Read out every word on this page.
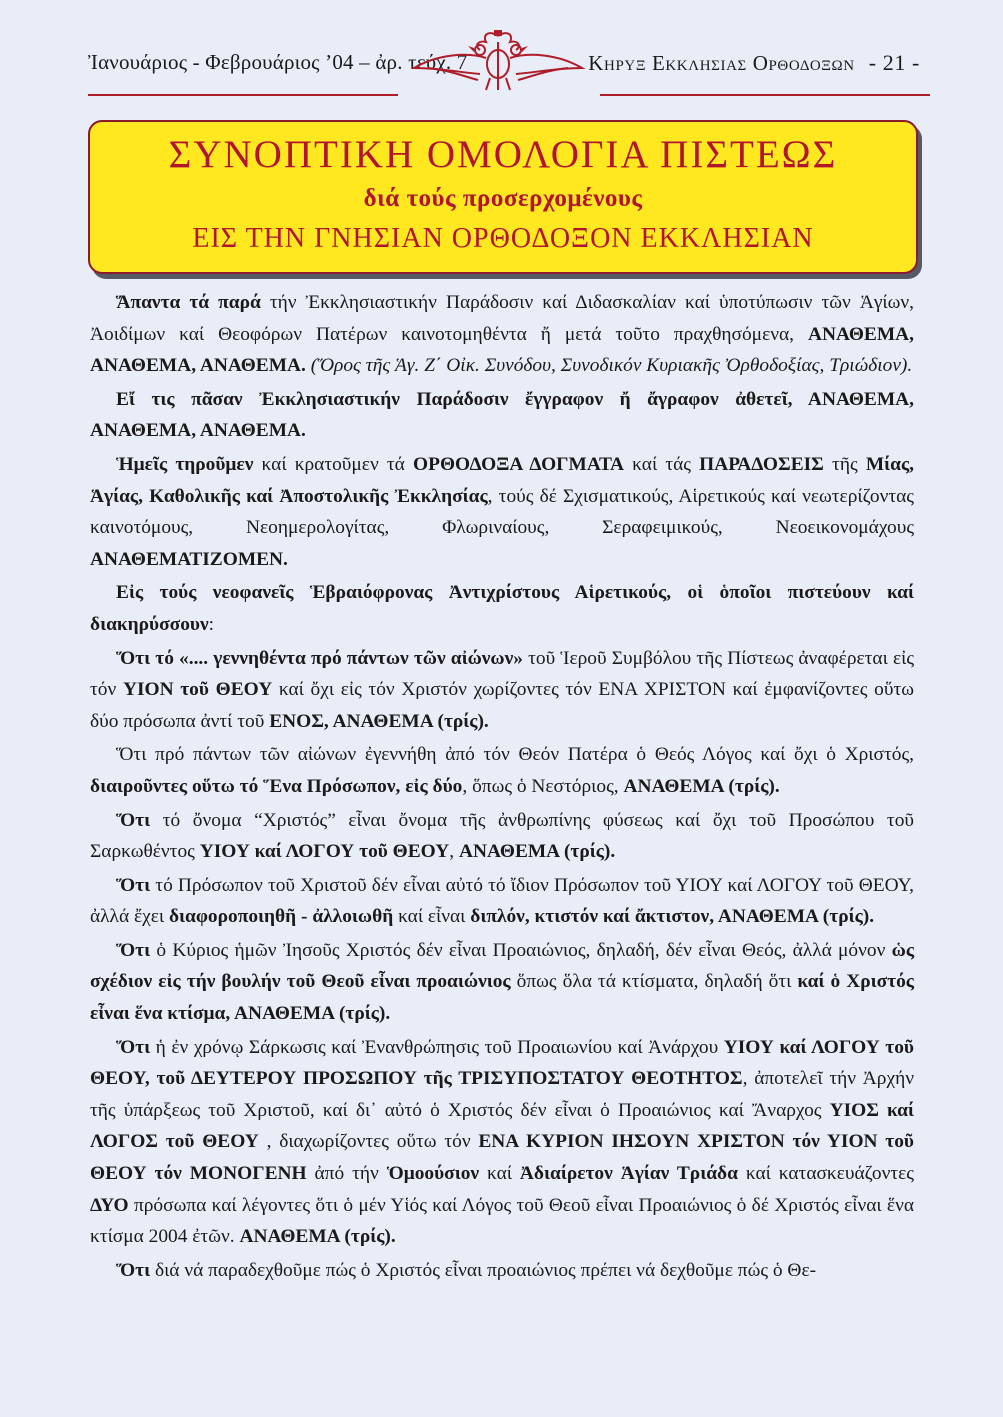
Ἰανουάριος - Φεβρουάριος ’04 – ἀρ. τεύχ. 7	Κηρυξ Εκκλησιας Ορθοδοξων - 21 -
ΣΥΝΟΠΤΙΚΗ ΟΜΟΛΟΓΙΑ ΠΙΣΤΕΩΣ
διά τούς προσερχομένους
ΕΙΣ ΤΗΝ ΓΝΗΣΙΑΝ ΟΡΘΟΔΟΞΟΝ ΕΚΚΛΗΣΙΑΝ

Ἅπαντα τά παρά τήν Ἐκκλησιαστικήν Παράδοσιν καί Διδασκαλίαν καί ὑποτύπωσιν τῶν Ἁγίων, Ἀοιδίμων καί Θεοφόρων Πατέρων καινοτομηθέντα ἤ μετά τοῦτο πραχθησόμενα, ΑΝΑΘΕΜΑ, ΑΝΑΘΕΜΑ, ΑΝΑΘΕΜΑ. (Ὅρος τῆς Ἁγ. Ζ΄ Οἰκ. Συνόδου, Συνοδικόν Κυριακῆς Ὀρθοδοξίας, Τριώδιον).

Εἴ τις πᾶσαν Ἐκκλησιαστικήν Παράδοσιν ἔγγραφον ἤ ἄγραφον ἀθετεῖ, ΑΝΑΘΕΜΑ, ΑΝΑΘΕΜΑ, ΑΝΑΘΕΜΑ.

Ἡμεῖς τηροῦμεν καί κρατοῦμεν τά ΟΡΘΟΔΟΞΑ ΔΟΓΜΑΤΑ καί τάς ΠΑΡΑΔΟΣΕΙΣ τῆς Μίας, Ἁγίας, Καθολικῆς καί Ἀποστολικῆς Ἐκκλησίας, τούς δέ Σχισματικούς, Αἱρετικούς καί νεωτερίζοντας καινοτόμους, Νεοημερολογίτας, Φλωριναίους, Σεραφειμικούς, Νεοεικονομάχους ΑΝΑΘΕΜΑΤΙΖΟΜΕΝ.

Εἰς τούς νεοφανεῖς Ἑβραιόφρονας Ἀντιχρίστους Αἱρετικούς, οἱ ὁποῖοι πιστεύουν καί διακηρύσσουν:

Ὅτι τό «.... γεννηθέντα πρό πάντων τῶν αἰώνων» τοῦ Ἱεροῦ Συμβόλου τῆς Πίστεως ἀναφέρεται εἰς τόν ΥΙΟΝ τοῦ ΘΕΟΥ καί ὄχι εἰς τόν Χριστόν χωρίζοντες τόν ΕΝΑ ΧΡΙΣΤΟΝ καί ἐμφανίζοντες οὕτω δύο πρόσωπα ἀντί τοῦ ΕΝΟΣ, ΑΝΑΘΕΜΑ (τρίς).

Ὅτι πρό πάντων τῶν αἰώνων ἐγεννήθη ἀπό τόν Θεόν Πατέρα ὁ Θεός Λόγος καί ὄχι ὁ Χριστός, διαιροῦντες οὕτω τό Ἕνα Πρόσωπον, εἰς δύο, ὅπως ὁ Νεστόριος, ΑΝΑΘΕΜΑ (τρίς).

Ὅτι τό ὄνομα “Χριστός” εἶναι ὄνομα τῆς ἀνθρωπίνης φύσεως καί ὄχι τοῦ Προσώπου τοῦ Σαρκωθέντος ΥΙΟΥ καί ΛΟΓΟΥ τοῦ ΘΕΟΥ, ΑΝΑΘΕΜΑ (τρίς).

Ὅτι τό Πρόσωπον τοῦ Χριστοῦ δέν εἶναι αὐτό τό ἴδιον Πρόσωπον τοῦ ΥΙΟΥ καί ΛΟΓΟΥ τοῦ ΘΕΟΥ, ἀλλά ἔχει διαφοροποιηθῆ - ἀλλοιωθῆ καί εἶναι διπλόν, κτιστόν καί ἄκτιστον, ΑΝΑΘΕΜΑ (τρίς).

Ὅτι ὁ Κύριος ἡμῶν Ἰησοῦς Χριστός δέν εἶναι Προαιώνιος, δηλαδή, δέν εἶναι Θεός, ἀλλά μόνον ὡς σχέδιον εἰς τήν βουλήν τοῦ Θεοῦ εἶναι προαιώνιος ὅπως ὅλα τά κτίσματα, δηλαδή ὅτι καί ὁ Χριστός εἶναι ἕνα κτίσμα, ΑΝΑΘΕΜΑ (τρίς).

Ὅτι ἡ ἐν χρόνῳ Σάρκωσις καί Ἐνανθρώπησις τοῦ Προαιωνίου καί Ἀνάρχου ΥΙΟΥ καί ΛΟΓΟΥ τοῦ ΘΕΟΥ, τοῦ ΔΕΥΤΕΡΟΥ ΠΡΟΣΩΠΟΥ τῆς ΤΡΙΣΥΠΟΣΤΑΤΟΥ ΘΕΟΤΗΤΟΣ, ἀποτελεῖ τήν Ἀρχήν τῆς ὑπάρξεως τοῦ Χριστοῦ, καί δι᾽ αὐτό ὁ Χριστός δέν εἶναι ὁ Προαιώνιος καί Ἄναρχος ΥΙΟΣ καί ΛΟΓΟΣ τοῦ ΘΕΟΥ , διαχωρίζοντες οὕτω τόν ΕΝΑ ΚΥΡΙΟΝ ΙΗΣΟΥΝ ΧΡΙΣΤΟΝ τόν ΥΙΟΝ τοῦ ΘΕΟΥ τόν ΜΟΝΟΓΕΝΗ ἀπό τήν Ὁμοούσιον καί Ἀδιαίρετον Ἁγίαν Τριάδα καί κατασκευάζοντες ΔΥΟ πρόσωπα καί λέγοντες ὅτι ὁ μέν Υἱός καί Λόγος τοῦ Θεοῦ εἶναι Προαιώνιος ὁ δέ Χριστός εἶναι ἕνα κτίσμα 2004 ἐτῶν. ΑΝΑΘΕΜΑ (τρίς).

Ὅτι διά νά παραδεχθοῦμε πώς ὁ Χριστός εἶναι προαιώνιος πρέπει νά δεχθοῦμε πώς ὁ Θε-
